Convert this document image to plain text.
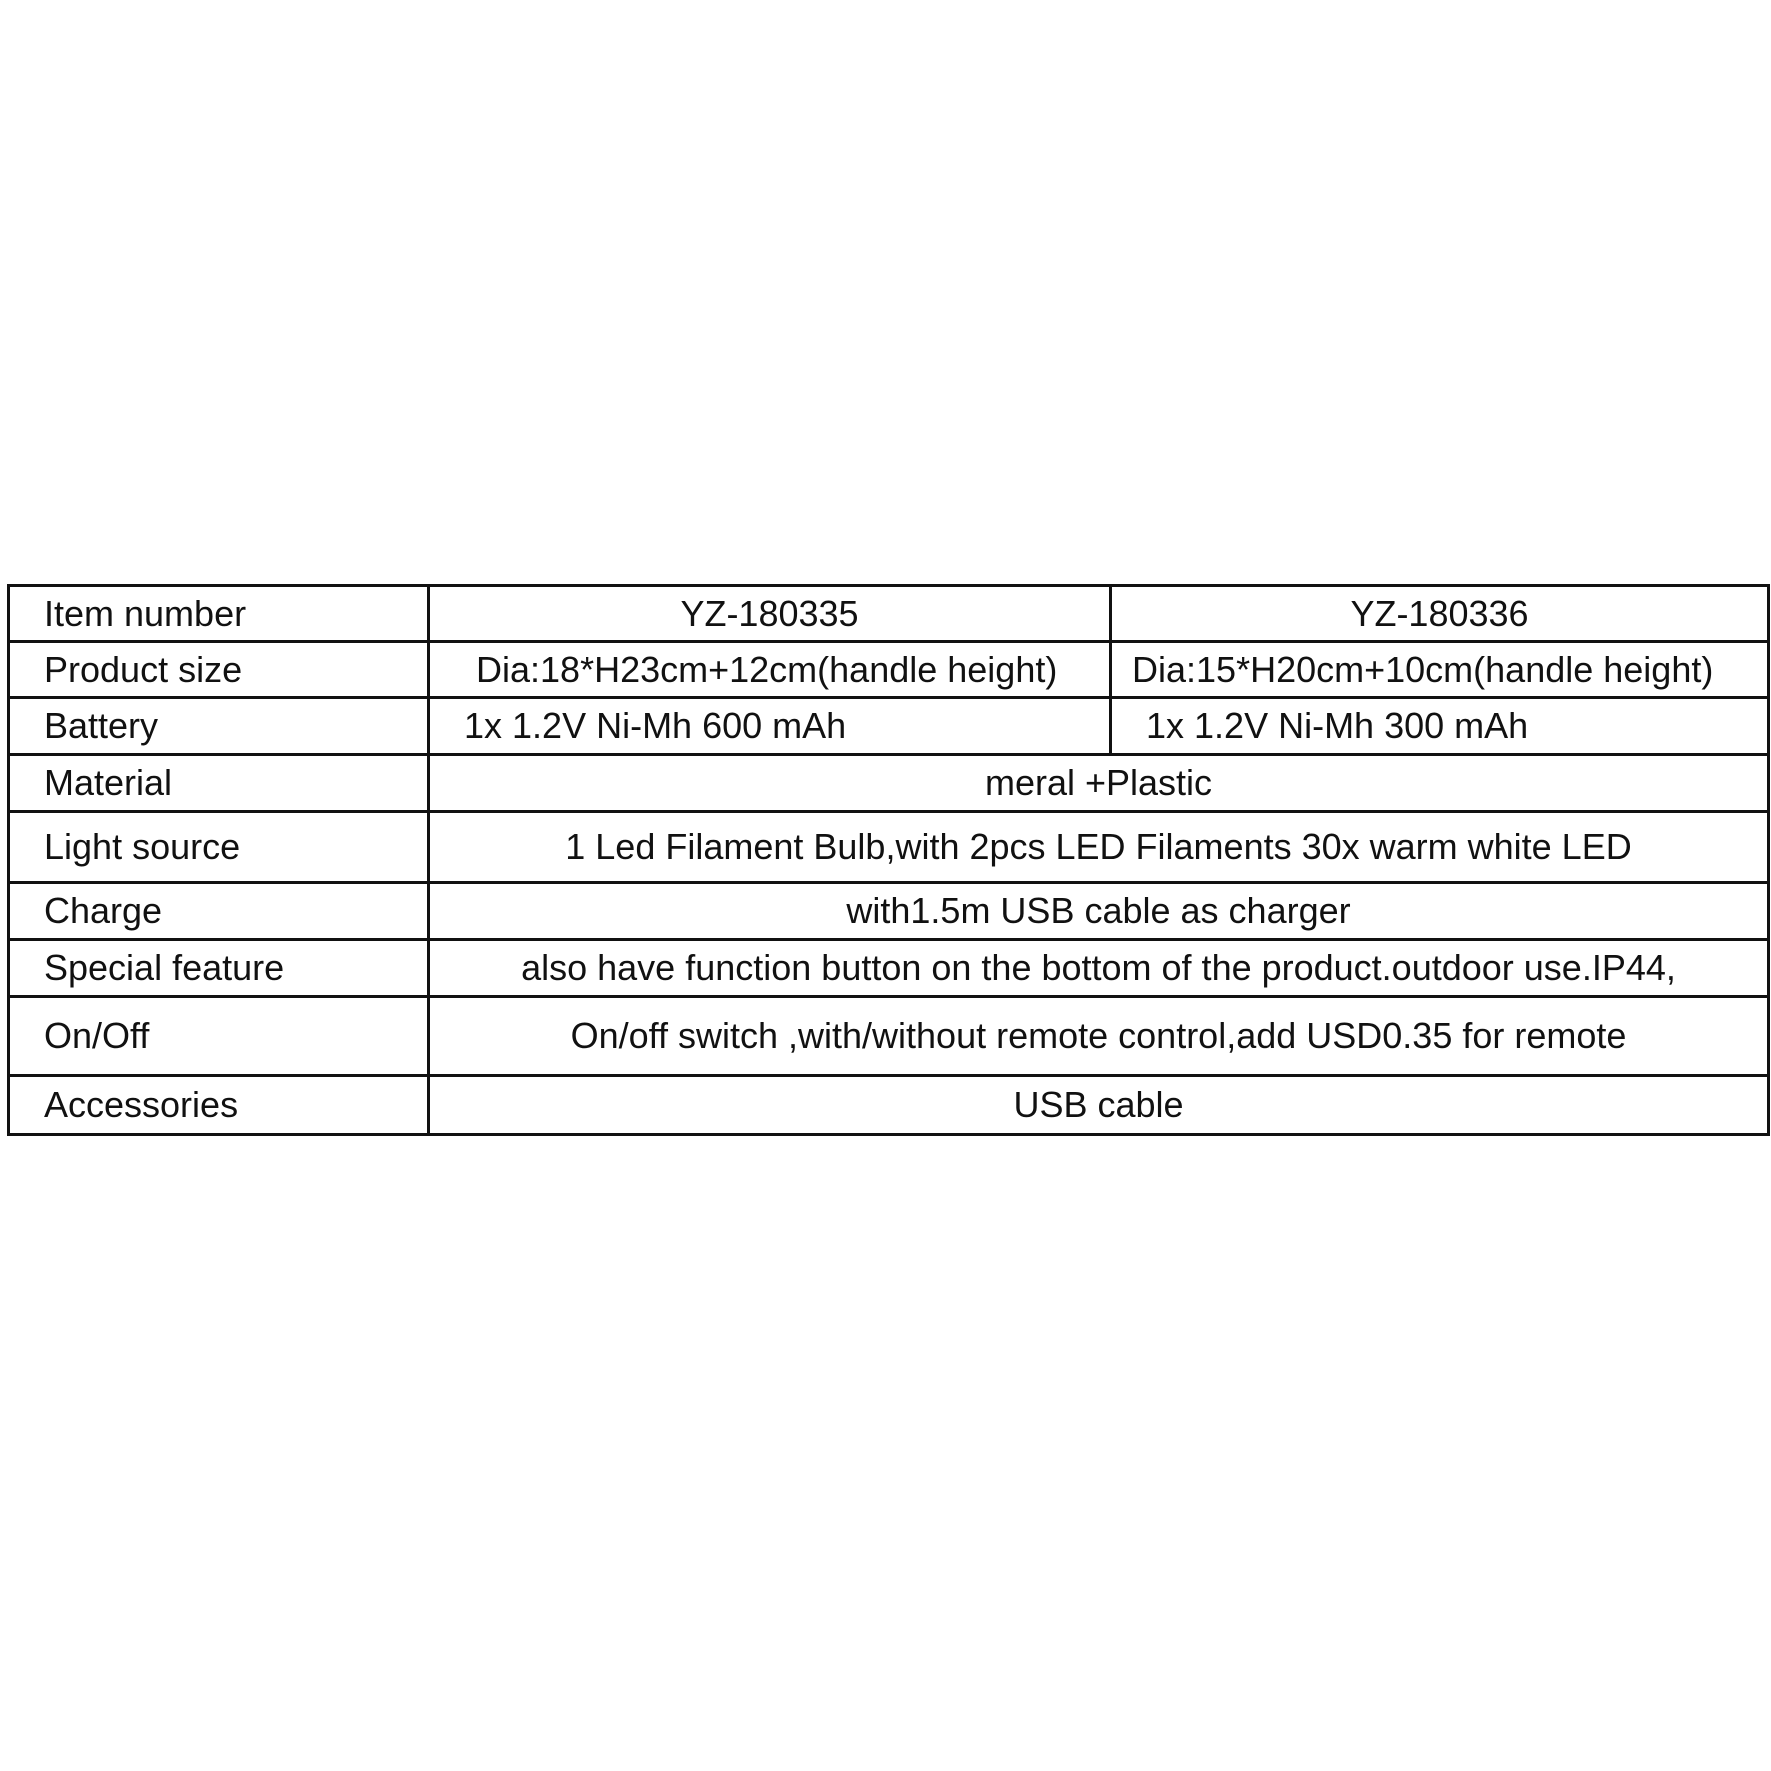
Item number	YZ-180335	YZ-180336
Product size	Dia:18*H23cm+12cm(handle height)	Dia:15*H20cm+10cm(handle height)
Battery	1x 1.2V Ni-Mh 600 mAh	1x 1.2V Ni-Mh 300 mAh
Material	meral +Plastic	
Light source	1 Led Filament Bulb,with 2pcs LED Filaments 30x warm white LED	
Charge	with1.5m USB cable as charger	
Special feature	also have function button on the bottom of the product.outdoor use.IP44,	
On/Off	On/off switch ,with/without remote control,add USD0.35 for remote	
Accessories	USB cable	
